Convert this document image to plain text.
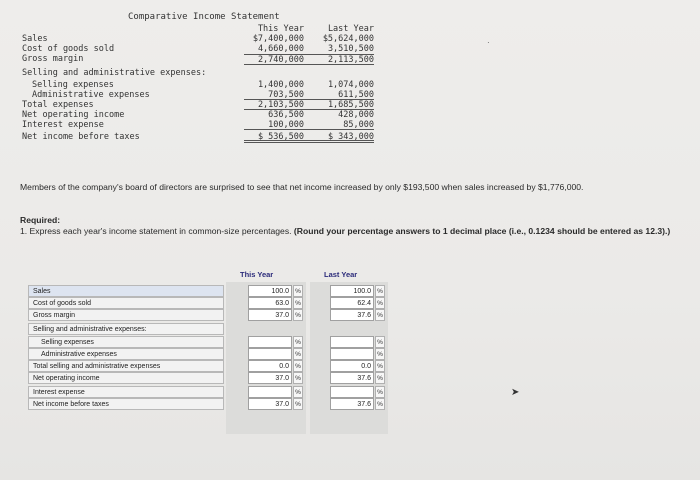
Comparative Income Statement
This Year	Last Year
Sales	$7,400,000	$5,624,000
Cost of goods sold	4,660,000	3,510,500
Gross margin	2,740,000	2,113,500
Selling and administrative expenses:
Selling expenses	1,400,000	1,074,000
Administrative expenses	703,500	611,500
Total expenses	2,103,500	1,685,500
Net operating income	636,500	428,000
Interest expense	100,000	85,000
Net income before taxes	$ 536,500	$ 343,000
·
Members of the company's board of directors are surprised to see that net income increased by only $193,500 when sales increased by $1,776,000.
Required:
1. Express each year's income statement in common-size percentages. (Round your percentage answers to 1 decimal place (i.e., 0.1234 should be entered as 12.3).)
This Year	Last Year
Sales	100.0 %	100.0 %
Cost of goods sold	63.0 %	62.4 %
Gross margin	37.0 %	37.6 %
Selling and administrative expenses:
Selling expenses	%	%
Administrative expenses	%	%
Total selling and administrative expenses	0.0 %	0.0 %
Net operating income	37.0 %	37.6 %
Interest expense	%	%
Net income before taxes	37.0 %	37.6 %
➤
